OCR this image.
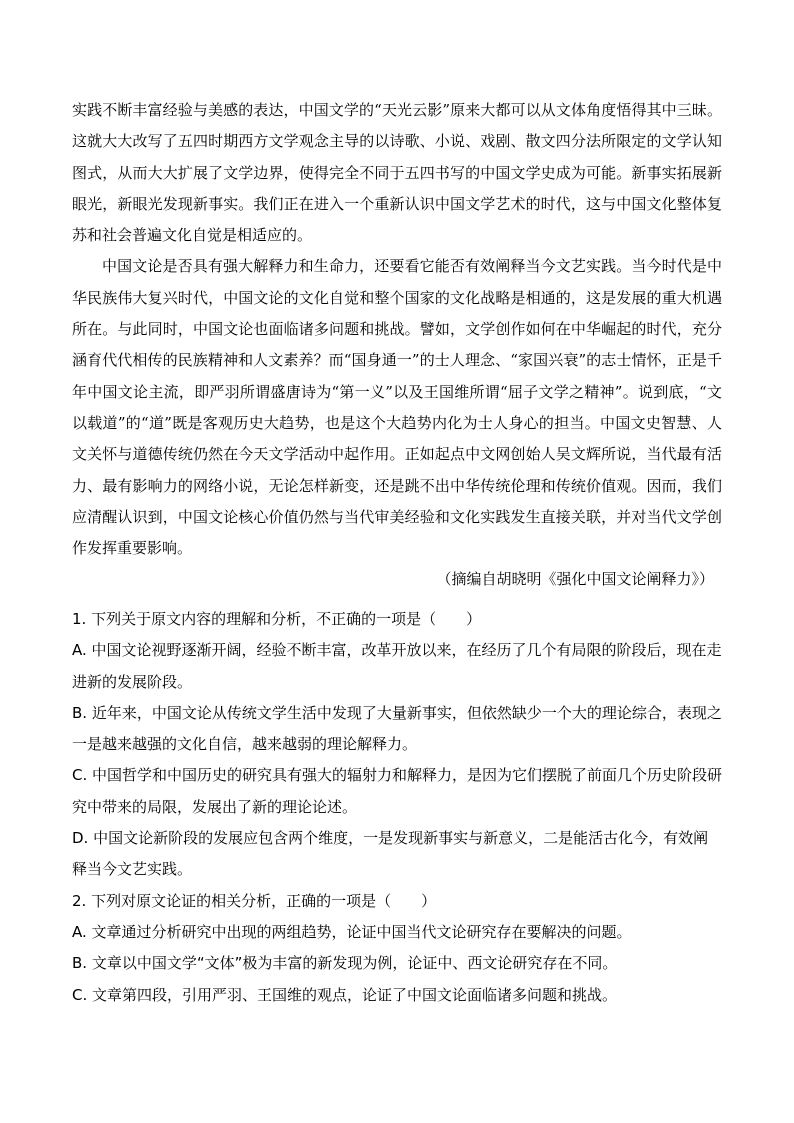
实践不断丰富经验与美感的表达，中国文学的“天光云影”原来大都可以从文体角度悟得其中三昧。这就大大改写了五四时期西方文学观念主导的以诗歌、小说、戏剧、散文四分法所限定的文学认知图式，从而大大扩展了文学边界，使得完全不同于五四书写的中国文学史成为可能。新事实拓展新眼光，新眼光发现新事实。我们正在进入一个重新认识中国文学艺术的时代，这与中国文化整体复苏和社会普遍文化自觉是相适应的。

中国文论是否具有强大解释力和生命力，还要看它能否有效阐释当今文艺实践。当今时代是中华民族伟大复兴时代，中国文论的文化自觉和整个国家的文化战略是相通的，这是发展的重大机遇所在。与此同时，中国文论也面临诸多问题和挑战。譬如，文学创作如何在中华崛起的时代，充分涵育代代相传的民族精神和人文素养？而“国身通一”的士人理念、“家国兴衰”的志士情怀，正是千年中国文论主流，即严羽所谓盛唐诗为“第一义”以及王国维所谓“屈子文学之精神”。说到底，“文以载道”的“道”既是客观历史大趋势，也是这个大趋势内化为士人身心的担当。中国文史智慧、人文关怀与道德传统仍然在今天文学活动中起作用。正如起点中文网创始人吴文辉所说，当代最有活力、最有影响力的网络小说，无论怎样新变，还是跳不出中华传统伦理和传统价值观。因而，我们应清醒认识到，中国文论核心价值仍然与当代审美经验和文化实践发生直接关联，并对当代文学创作发挥重要影响。

（摘编自胡晓明《强化中国文论阐释力》）

1. 下列关于原文内容的理解和分析，不正确的一项是（　　）

A. 中国文论视野逐渐开阔，经验不断丰富，改革开放以来，在经历了几个有局限的阶段后，现在走进新的发展阶段。

B. 近年来，中国文论从传统文学生活中发现了大量新事实，但依然缺少一个大的理论综合，表现之一是越来越强的文化自信，越来越弱的理论解释力。

C. 中国哲学和中国历史的研究具有强大的辐射力和解释力，是因为它们摆脱了前面几个历史阶段研究中带来的局限，发展出了新的理论论述。

D. 中国文论新阶段的发展应包含两个维度，一是发现新事实与新意义，二是能活古化今，有效阐释当今文艺实践。

2. 下列对原文论证的相关分析，正确的一项是（　　）

A. 文章通过分析研究中出现的两组趋势，论证中国当代文论研究存在要解决的问题。

B. 文章以中国文学“文体”极为丰富的新发现为例，论证中、西文论研究存在不同。

C. 文章第四段，引用严羽、王国维的观点，论证了中国文论面临诸多问题和挑战。
